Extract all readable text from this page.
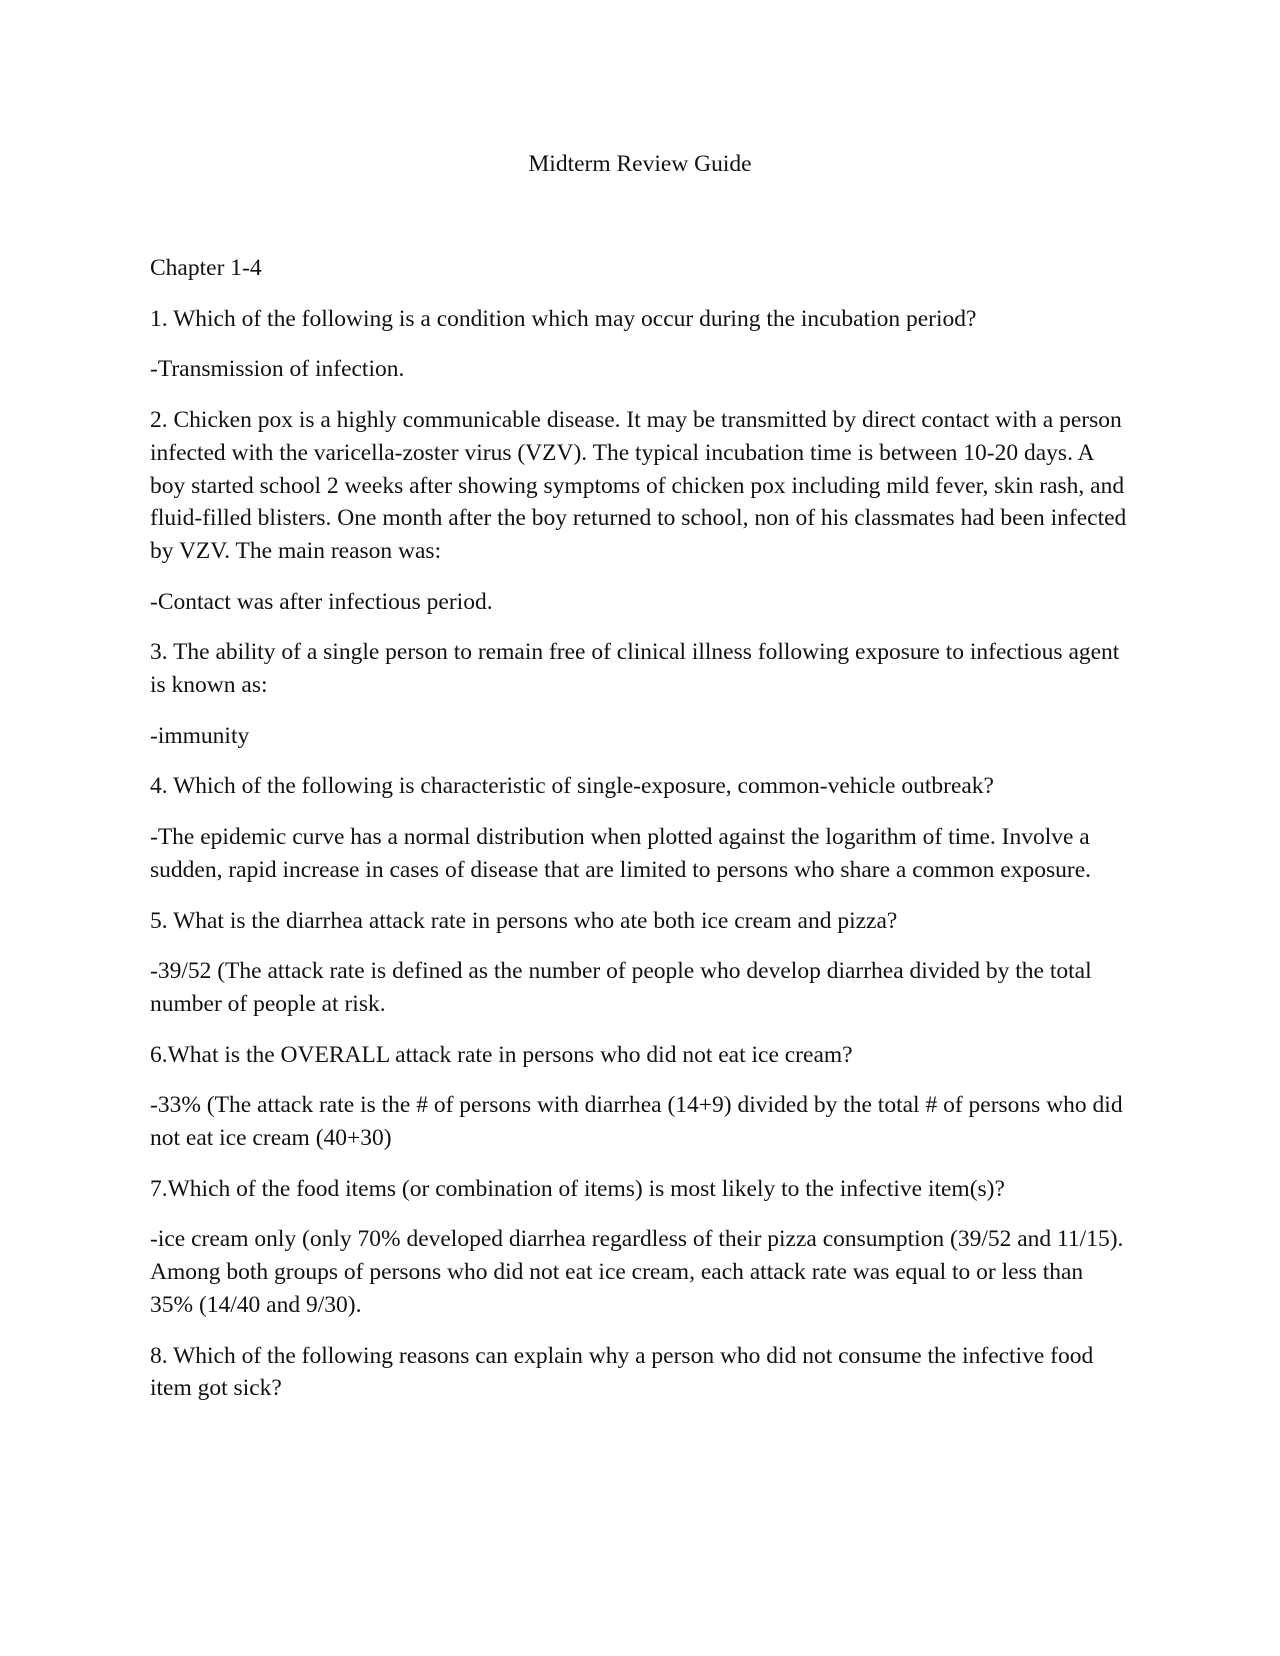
Midterm Review Guide

Chapter 1-4

1. Which of the following is a condition which may occur during the incubation period?

-Transmission of infection.

2. Chicken pox is a highly communicable disease. It may be transmitted by direct contact with a person infected with the varicella-zoster virus (VZV). The typical incubation time is between 10-20 days. A boy started school 2 weeks after showing symptoms of chicken pox including mild fever, skin rash, and fluid-filled blisters. One month after the boy returned to school, non of his classmates had been infected by VZV. The main reason was:

-Contact was after infectious period.

3. The ability of a single person to remain free of clinical illness following exposure to infectious agent is known as:

-immunity

4. Which of the following is characteristic of single-exposure, common-vehicle outbreak?

-The epidemic curve has a normal distribution when plotted against the logarithm of time. Involve a sudden, rapid increase in cases of disease that are limited to persons who share a common exposure.

5. What is the diarrhea attack rate in persons who ate both ice cream and pizza?

-39/52 (The attack rate is defined as the number of people who develop diarrhea divided by the total number of people at risk.

6.What is the OVERALL attack rate in persons who did not eat ice cream?

-33% (The attack rate is the # of persons with diarrhea (14+9) divided by the total # of persons who did not eat ice cream (40+30)

7.Which of the food items (or combination of items) is most likely to the infective item(s)?

-ice cream only (only 70% developed diarrhea regardless of their pizza consumption (39/52 and 11/15). Among both groups of persons who did not eat ice cream, each attack rate was equal to or less than 35% (14/40 and 9/30).

8. Which of the following reasons can explain why a person who did not consume the infective food item got sick?
